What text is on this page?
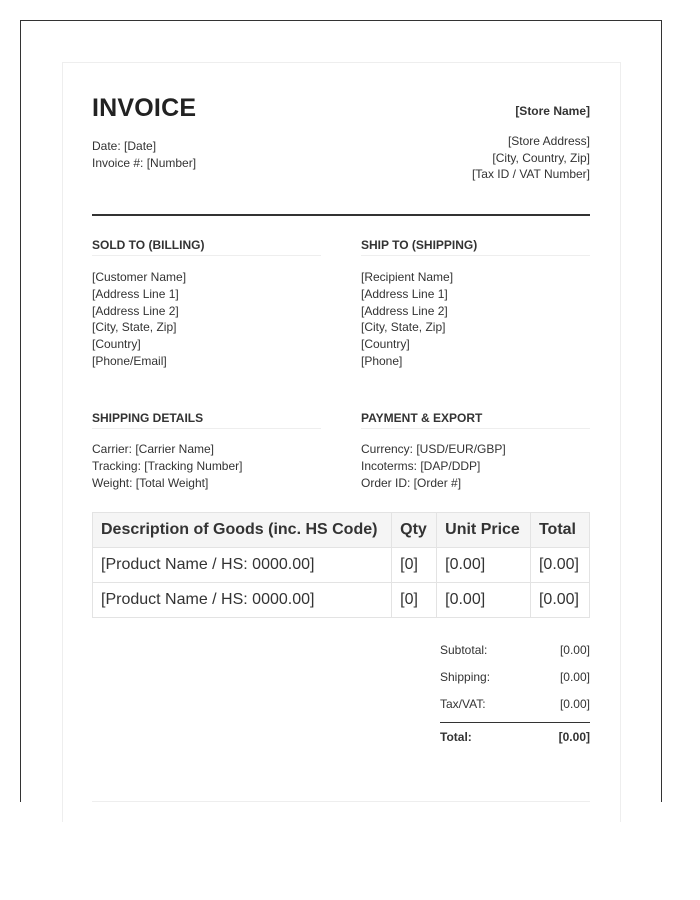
INVOICE
Date: [Date]
Invoice #: [Number]
[Store Name]
[Store Address]
[City, Country, Zip]
[Tax ID / VAT Number]
SOLD TO (BILLING)
[Customer Name]
[Address Line 1]
[Address Line 2]
[City, State, Zip]
[Country]
[Phone/Email]
SHIP TO (SHIPPING)
[Recipient Name]
[Address Line 1]
[Address Line 2]
[City, State, Zip]
[Country]
[Phone]
SHIPPING DETAILS
Carrier: [Carrier Name]
Tracking: [Tracking Number]
Weight: [Total Weight]
PAYMENT & EXPORT
Currency: [USD/EUR/GBP]
Incoterms: [DAP/DDP]
Order ID: [Order #]
Description of Goods (inc. HS Code)	Qty	Unit Price	Total
[Product Name / HS: 0000.00]	[0]	[0.00]	[0.00]
[Product Name / HS: 0000.00]	[0]	[0.00]	[0.00]
Subtotal:	[0.00]
Shipping:	[0.00]
Tax/VAT:	[0.00]
Total:	[0.00]
